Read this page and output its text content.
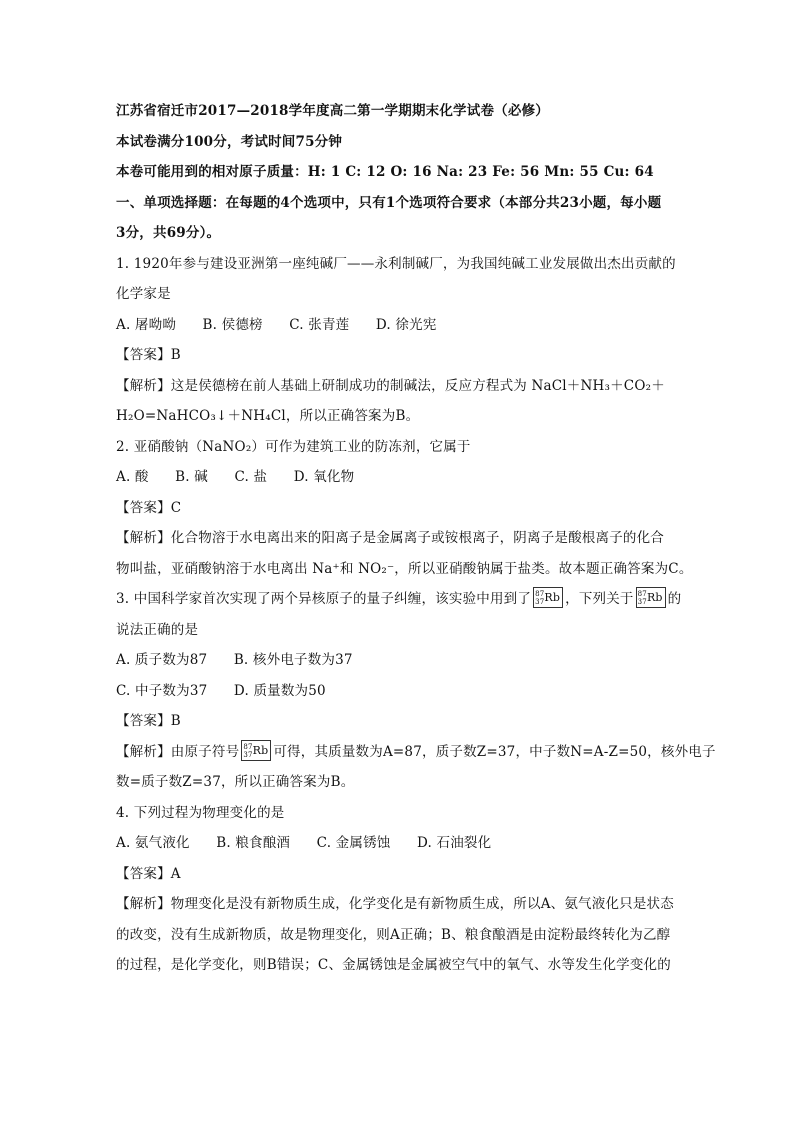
江苏省宿迁市2017—2018学年度高二第一学期期末化学试卷（必修）
本试卷满分100分，考试时间75分钟
本卷可能用到的相对原子质量：H: 1 C: 12 O: 16 Na: 23 Fe: 56 Mn: 55 Cu: 64
一、单项选择题：在每题的4个选项中，只有1个选项符合要求（本部分共23小题，每小题
3分，共69分）。
1. 1920年参与建设亚洲第一座纯碱厂——永利制碱厂，为我国纯碱工业发展做出杰出贡献的
化学家是
A. 屠呦呦 B. 侯德榜 C. 张青莲 D. 徐光宪
【答案】B
【解析】这是侯德榜在前人基础上研制成功的制碱法，反应方程式为 NaCl＋NH₃＋CO₂＋
H₂O=NaHCO₃↓＋NH₄Cl，所以正确答案为B。
2. 亚硝酸钠（NaNO₂）可作为建筑工业的防冻剂，它属于
A. 酸 B. 碱 C. 盐 D. 氧化物
【答案】C
【解析】化合物溶于水电离出来的阳离子是金属离子或铵根离子，阴离子是酸根离子的化合
物叫盐，亚硝酸钠溶于水电离出 Na⁺和 NO₂⁻，所以亚硝酸钠属于盐类。故本题正确答案为C。
3. 中国科学家首次实现了两个异核原子的量子纠缠，该实验中用到了 87
37 Rb ，下列关于 87
37 Rb 的
说法正确的是
A. 质子数为87 B. 核外电子数为37
C. 中子数为37 D. 质量数为50
【答案】B
【解析】由原子符号 87
37 Rb 可得，其质量数为A=87，质子数Z=37，中子数N=A-Z=50，核外电子
数=质子数Z=37，所以正确答案为B。
4. 下列过程为物理变化的是
A. 氨气液化 B. 粮食酿酒 C. 金属锈蚀 D. 石油裂化
【答案】A
【解析】物理变化是没有新物质生成，化学变化是有新物质生成，所以A、氨气液化只是状态
的改变，没有生成新物质，故是物理变化，则A正确；B、粮食酿酒是由淀粉最终转化为乙醇
的过程，是化学变化，则B错误；C、金属锈蚀是金属被空气中的氧气、水等发生化学变化的
